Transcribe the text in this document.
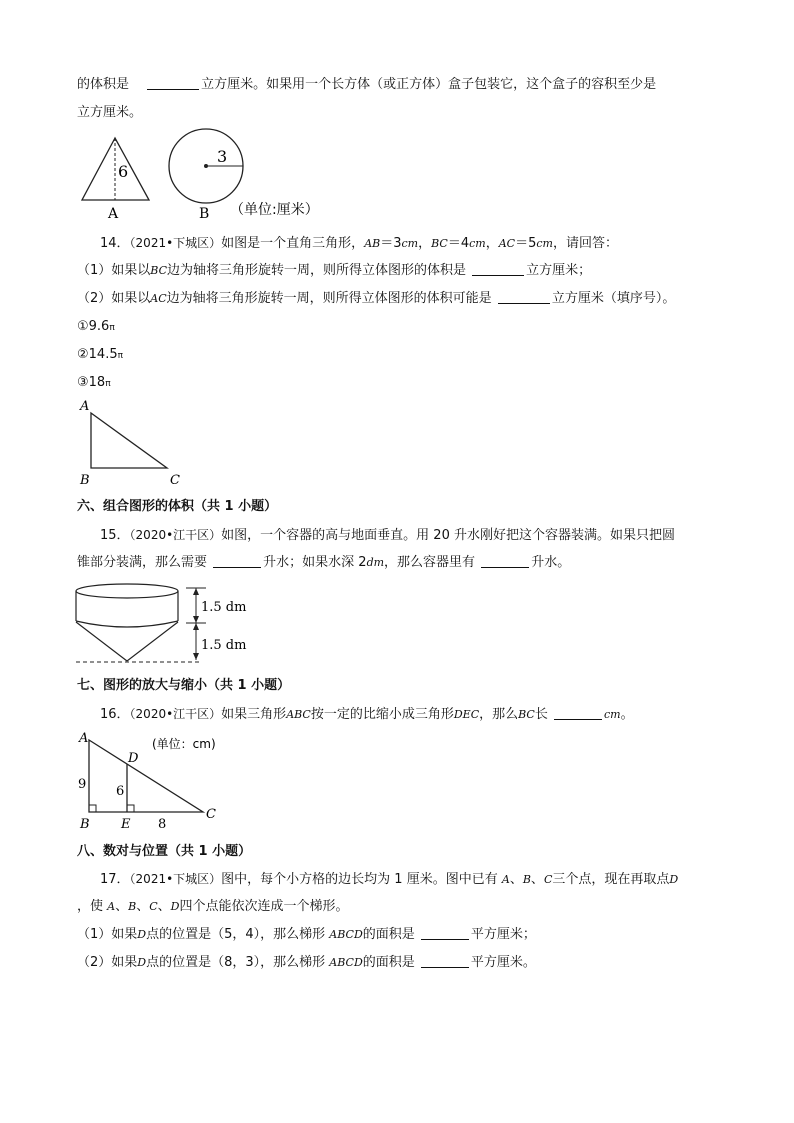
的体积是	立方厘米。如果用一个长方体（或正方体）盒子包装它，这个盒子的容积至少是
立方厘米。
6
A
3
B （单位:厘米）
14．（2021•下城区）如图是一个直角三角形，AB＝3cm，BC＝4cm，AC＝5cm，请回答：
（1）如果以BC边为轴将三角形旋转一周，则所得立体图形的体积是	立方厘米；
（2）如果以AC边为轴将三角形旋转一周，则所得立体图形的体积可能是	立方厘米（填序号）。
①9.6π
②14.5π
③18π
A
B	C
六、组合图形的体积（共 1 小题）
15．（2020•江干区）如图，一个容器的高与地面垂直。用 20 升水刚好把这个容器装满。如果只把圆
锥部分装满，那么需要	升水；如果水深 2dm，那么容器里有	升水。
1.5 dm
1.5 dm
七、图形的放大与缩小（共 1 小题）
16．（2020•江干区）如果三角形ABC按一定的比缩小成三角形DEC，那么BC长	cm。
A
B
C
D
E
9 6
8
(单位：cm)
八、数对与位置（共 1 小题）
17．（2021•下城区）图中，每个小方格的边长均为 1 厘米。图中已有 A、B、C三个点，现在再取点D
，使 A、B、C、D四个点能依次连成一个梯形。
（1）如果D点的位置是（5，4），那么梯形 ABCD的面积是	平方厘米；
（2）如果D点的位置是（8，3），那么梯形 ABCD的面积是	平方厘米。
